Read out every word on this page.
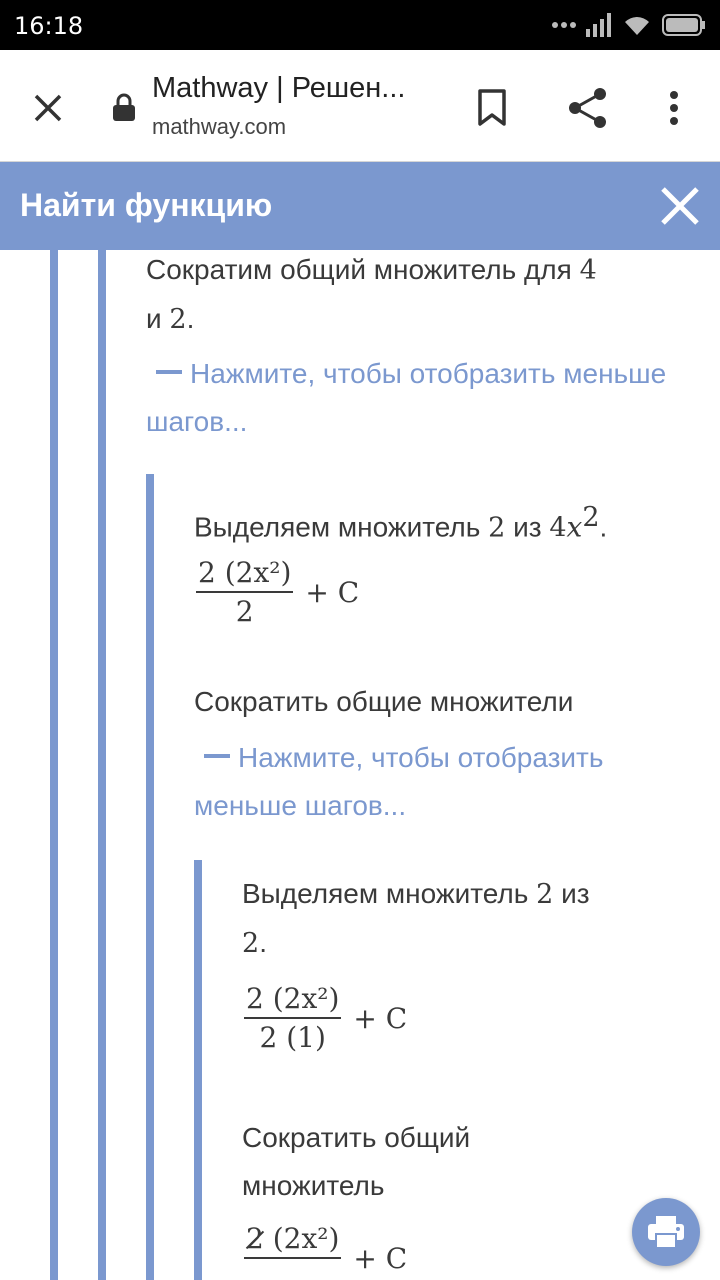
16:18
Mathway | Решен...
mathway.com
Найти функцию
Сократим общий множитель для 4
и 2.
Нажмите, чтобы отобразить меньше шагов...
Выделяем множитель 2 из $4x^2$.
$\frac{\text{2 (2x²)}}{2} + C$
Сократить общие множители
Нажмите, чтобы отобразить меньше шагов...
Выделяем множитель 2 из
2.
$\frac{\text{2 (2x²)}}{2 (1)} + C$
Сократить общий множитель
2 (2x²)

+ C
